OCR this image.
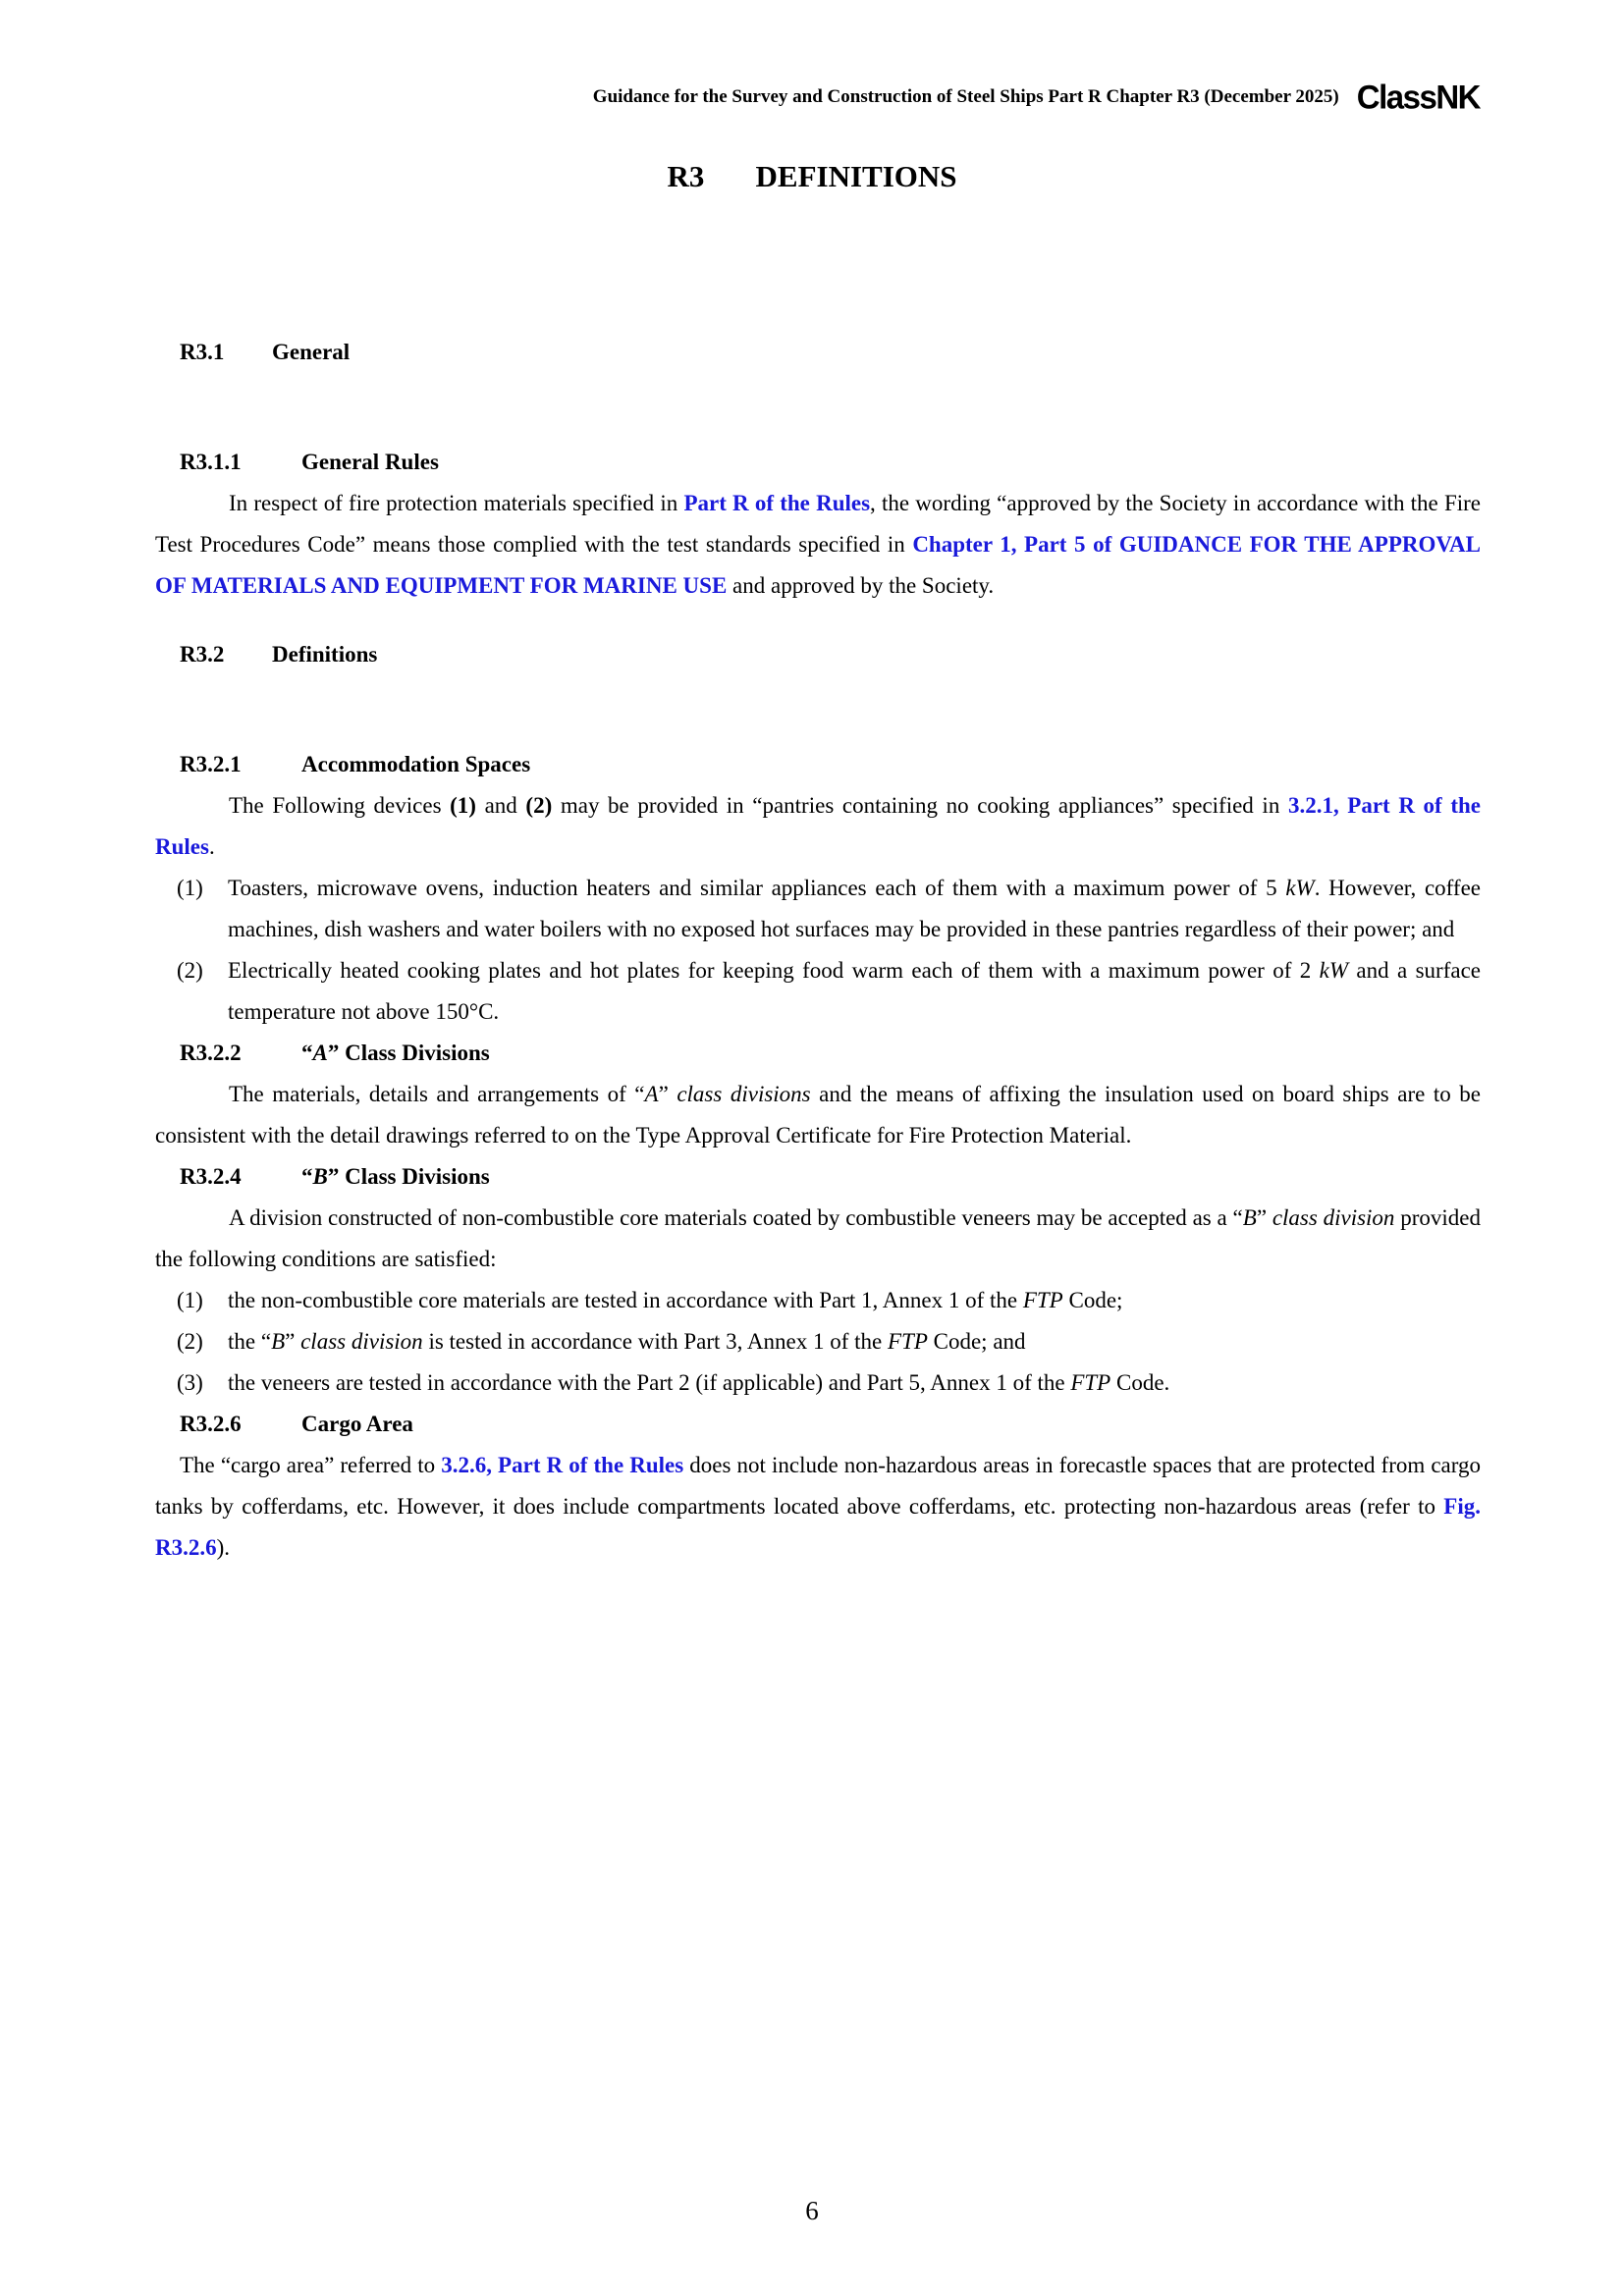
Guidance for the Survey and Construction of Steel Ships Part R Chapter R3 (December 2025) ClassNK
R3 DEFINITIONS
R3.1 General
R3.1.1	General Rules
In respect of fire protection materials specified in Part R of the Rules, the wording “approved by the Society in accordance with the Fire Test Procedures Code” means those complied with the test standards specified in Chapter 1, Part 5 of GUIDANCE FOR THE APPROVAL OF MATERIALS AND EQUIPMENT FOR MARINE USE and approved by the Society.
R3.2 Definitions
R3.2.1	Accommodation Spaces
The Following devices (1) and (2) may be provided in “pantries containing no cooking appliances” specified in 3.2.1, Part R of the Rules.
(1)	Toasters, microwave ovens, induction heaters and similar appliances each of them with a maximum power of 5 kW. However, coffee machines, dish washers and water boilers with no exposed hot surfaces may be provided in these pantries regardless of their power; and
(2)	Electrically heated cooking plates and hot plates for keeping food warm each of them with a maximum power of 2 kW and a surface temperature not above 150°C.
R3.2.2	“A” Class Divisions
The materials, details and arrangements of “A” class divisions and the means of affixing the insulation used on board ships are to be consistent with the detail drawings referred to on the Type Approval Certificate for Fire Protection Material.
R3.2.4	“B” Class Divisions
A division constructed of non-combustible core materials coated by combustible veneers may be accepted as a “B” class division provided the following conditions are satisfied:
(1)	the non-combustible core materials are tested in accordance with Part 1, Annex 1 of the FTP Code;
(2)	the “B” class division is tested in accordance with Part 3, Annex 1 of the FTP Code; and
(3)	the veneers are tested in accordance with the Part 2 (if applicable) and Part 5, Annex 1 of the FTP Code.
R3.2.6	Cargo Area
The “cargo area” referred to 3.2.6, Part R of the Rules does not include non-hazardous areas in forecastle spaces that are protected from cargo tanks by cofferdams, etc. However, it does include compartments located above cofferdams, etc. protecting non-hazardous areas (refer to Fig. R3.2.6).
6
